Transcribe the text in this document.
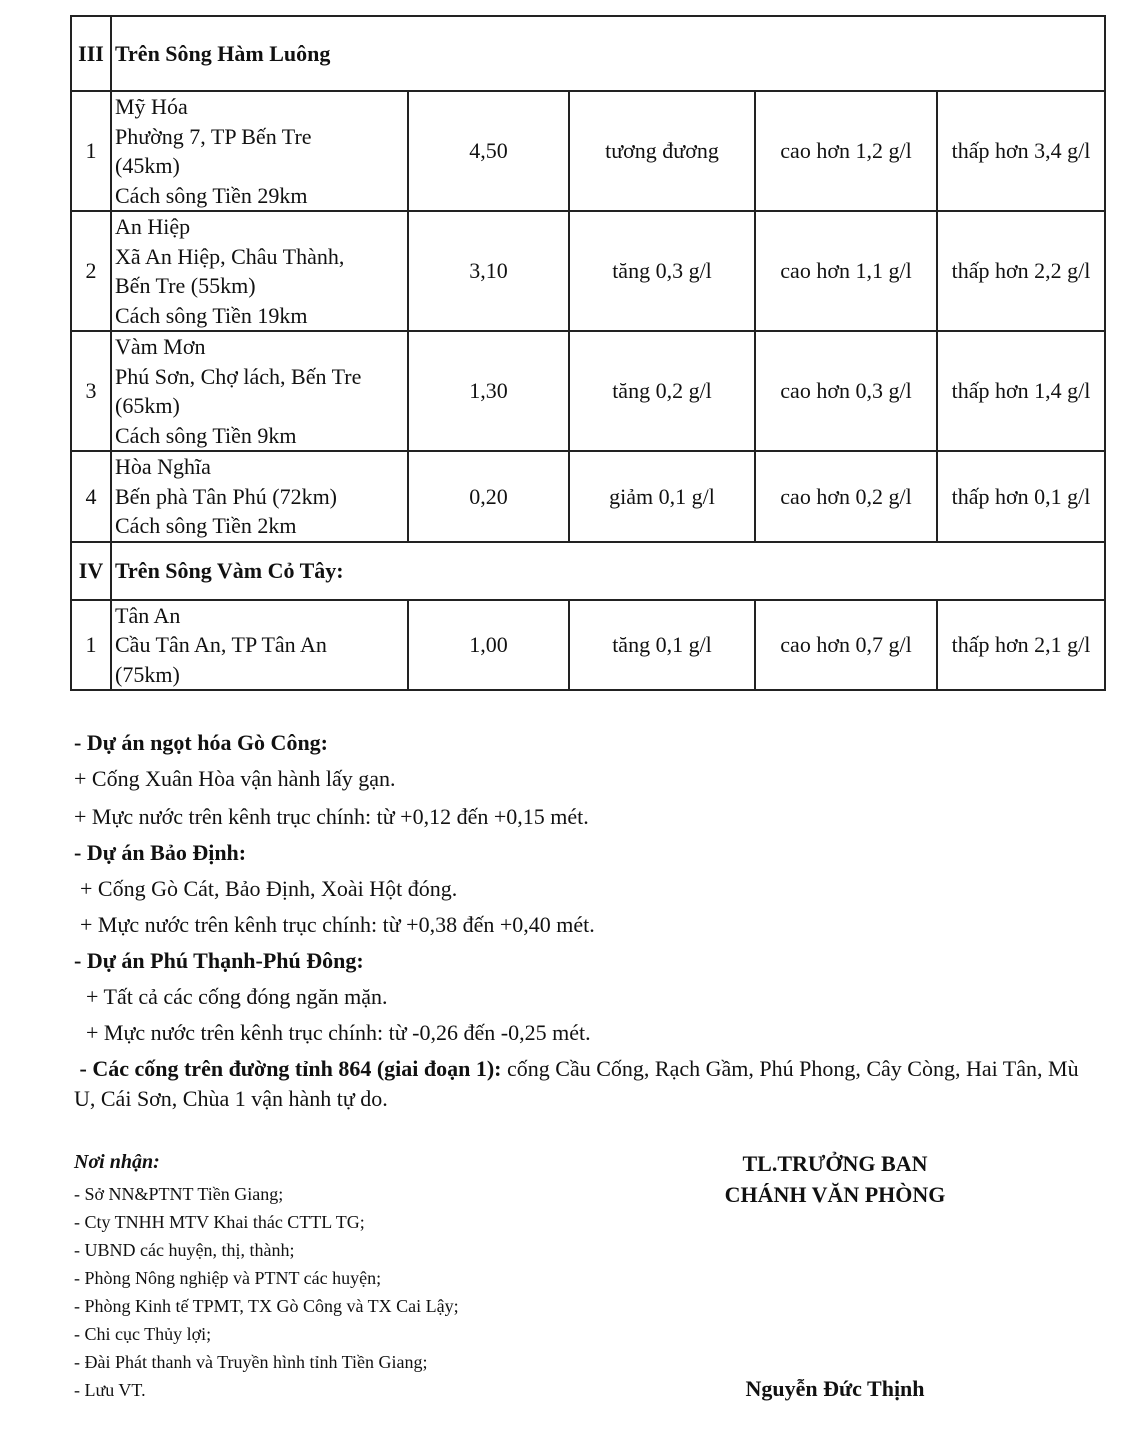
III	Trên Sông Hàm Luông				
1	Mỹ Hóa
Phường 7, TP Bến Tre
(45km)
Cách sông Tiền 29km	4,50	tương đương	cao hơn 1,2 g/l	thấp hơn 3,4 g/l
2	An Hiệp
Xã An Hiệp, Châu Thành,
Bến Tre (55km)
Cách sông Tiền 19km	3,10	tăng 0,3 g/l	cao hơn 1,1 g/l	thấp hơn 2,2 g/l
3	Vàm Mơn
Phú Sơn, Chợ lách, Bến Tre
(65km)
Cách sông Tiền 9km	1,30	tăng 0,2 g/l	cao hơn 0,3 g/l	thấp hơn 1,4 g/l
4	Hòa Nghĩa
Bến phà Tân Phú (72km)
Cách sông Tiền 2km	0,20	giảm 0,1 g/l	cao hơn 0,2 g/l	thấp hơn 0,1 g/l
IV	Trên Sông Vàm Cỏ Tây:				
1	Tân An
Cầu Tân An, TP Tân An
(75km)	1,00	tăng 0,1 g/l	cao hơn 0,7 g/l	thấp hơn 2,1 g/l
- Dự án ngọt hóa Gò Công:
+ Cống Xuân Hòa vận hành lấy gạn.
+ Mực nước trên kênh trục chính: từ +0,12 đến +0,15 mét.
- Dự án Bảo Định:
+ Cống Gò Cát, Bảo Định, Xoài Hột đóng.
+ Mực nước trên kênh trục chính: từ +0,38 đến +0,40 mét.
- Dự án Phú Thạnh-Phú Đông:
+ Tất cả các cống đóng ngăn mặn.
+ Mực nước trên kênh trục chính: từ -0,26 đến -0,25 mét.
- Các cống trên đường tỉnh 864 (giai đoạn 1): cống Cầu Cống, Rạch Gầm, Phú Phong, Cây Còng, Hai Tân, Mù U, Cái Sơn, Chùa 1 vận hành tự do.
Nơi nhận:
- Sở NN&PTNT Tiền Giang;
- Cty TNHH MTV Khai thác CTTL TG;
- UBND các huyện, thị, thành;
- Phòng Nông nghiệp và PTNT các huyện;
- Phòng Kinh tế TPMT, TX Gò Công và TX Cai Lậy;
- Chi cục Thủy lợi;
- Đài Phát thanh và Truyền hình tỉnh Tiền Giang;
- Lưu VT.
TL.TRƯỞNG BAN
CHÁNH VĂN PHÒNG
Nguyễn Đức Thịnh
